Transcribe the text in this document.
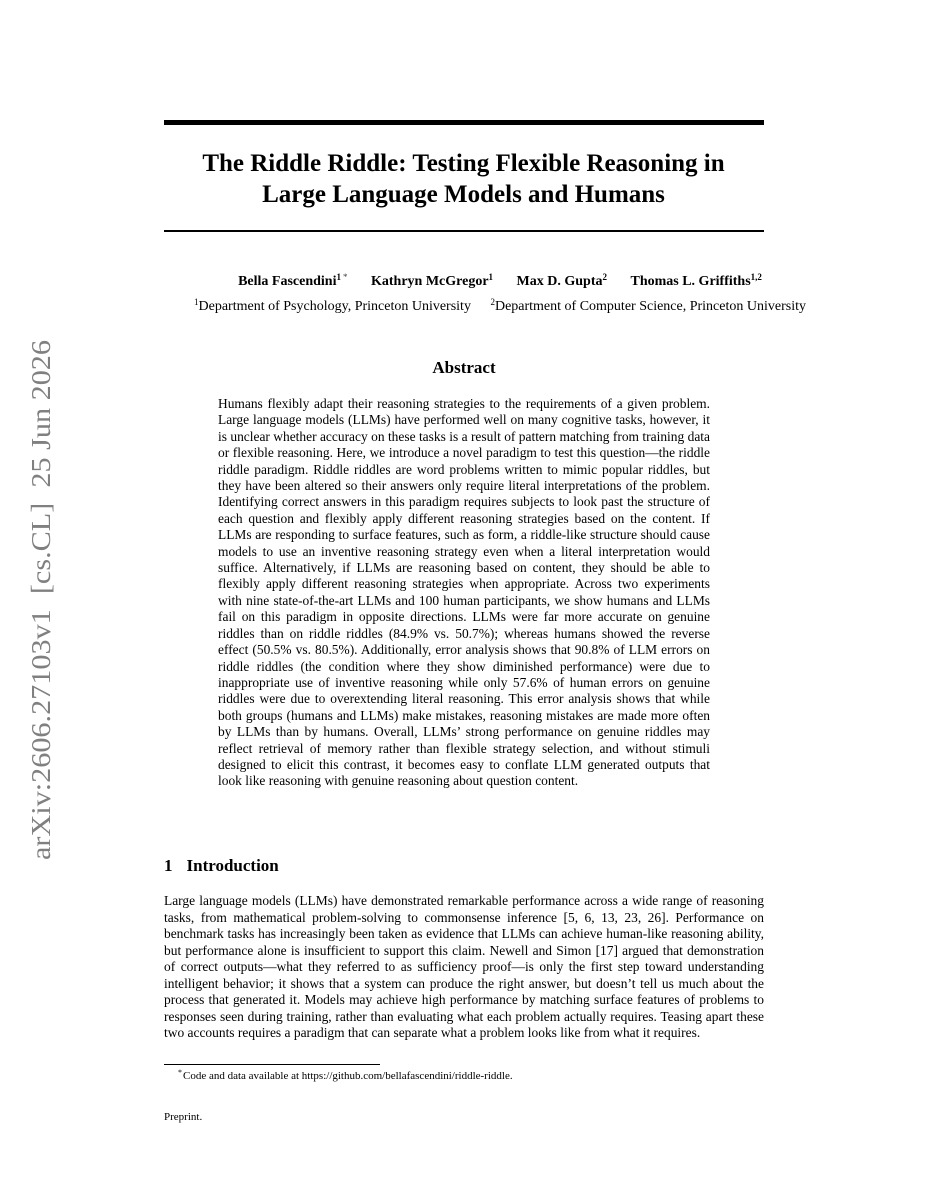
arXiv:2606.27103v1  [cs.CL]  25 Jun 2026
The Riddle Riddle: Testing Flexible Reasoning in
Large Language Models and Humans
Bella Fascendini$^1$ * Kathryn McGregor$^1$ Max D. Gupta$^2$ Thomas L. Griffiths$^{1,2}$
$^1$Department of Psychology, Princeton University $^2$Department of Computer Science, Princeton University
Abstract
Humans flexibly adapt their reasoning strategies to the requirements of a given problem. Large language models (LLMs) have performed well on many cognitive tasks, however, it is unclear whether accuracy on these tasks is a result of pattern matching from training data or flexible reasoning. Here, we introduce a novel paradigm to test this question—the riddle riddle paradigm. Riddle riddles are word problems written to mimic popular riddles, but they have been altered so their answers only require literal interpretations of the problem. Identifying correct answers in this paradigm requires subjects to look past the structure of each question and flexibly apply different reasoning strategies based on the content. If LLMs are responding to surface features, such as form, a riddle-like structure should cause models to use an inventive reasoning strategy even when a literal interpretation would suffice. Alternatively, if LLMs are reasoning based on content, they should be able to flexibly apply different reasoning strategies when appropriate. Across two experiments with nine state-of-the-art LLMs and 100 human participants, we show humans and LLMs fail on this paradigm in opposite directions. LLMs were far more accurate on genuine riddles than on riddle riddles (84.9% vs. 50.7%); whereas humans showed the reverse effect (50.5% vs. 80.5%). Additionally, error analysis shows that 90.8% of LLM errors on riddle riddles (the condition where they show diminished performance) were due to inappropriate use of inventive reasoning while only 57.6% of human errors on genuine riddles were due to overextending literal reasoning. This error analysis shows that while both groups (humans and LLMs) make mistakes, reasoning mistakes are made more often by LLMs than by humans. Overall, LLMs’ strong performance on genuine riddles may reflect retrieval of memory rather than flexible strategy selection, and without stimuli designed to elicit this contrast, it becomes easy to conflate LLM generated outputs that look like reasoning with genuine reasoning about question content.
1 Introduction
Large language models (LLMs) have demonstrated remarkable performance across a wide range of reasoning tasks, from mathematical problem-solving to commonsense inference [5, 6, 13, 23, 26]. Performance on benchmark tasks has increasingly been taken as evidence that LLMs can achieve human-like reasoning ability, but performance alone is insufficient to support this claim. Newell and Simon [17] argued that demonstration of correct outputs—what they referred to as sufficiency proof—is only the first step toward understanding intelligent behavior; it shows that a system can produce the right answer, but doesn’t tell us much about the process that generated it. Models may achieve high performance by matching surface features of problems to responses seen during training, rather than evaluating what each problem actually requires. Teasing apart these two accounts requires a paradigm that can separate what a problem looks like from what it requires.
*Code and data available at https://github.com/bellafascendini/riddle-riddle.
Preprint.
